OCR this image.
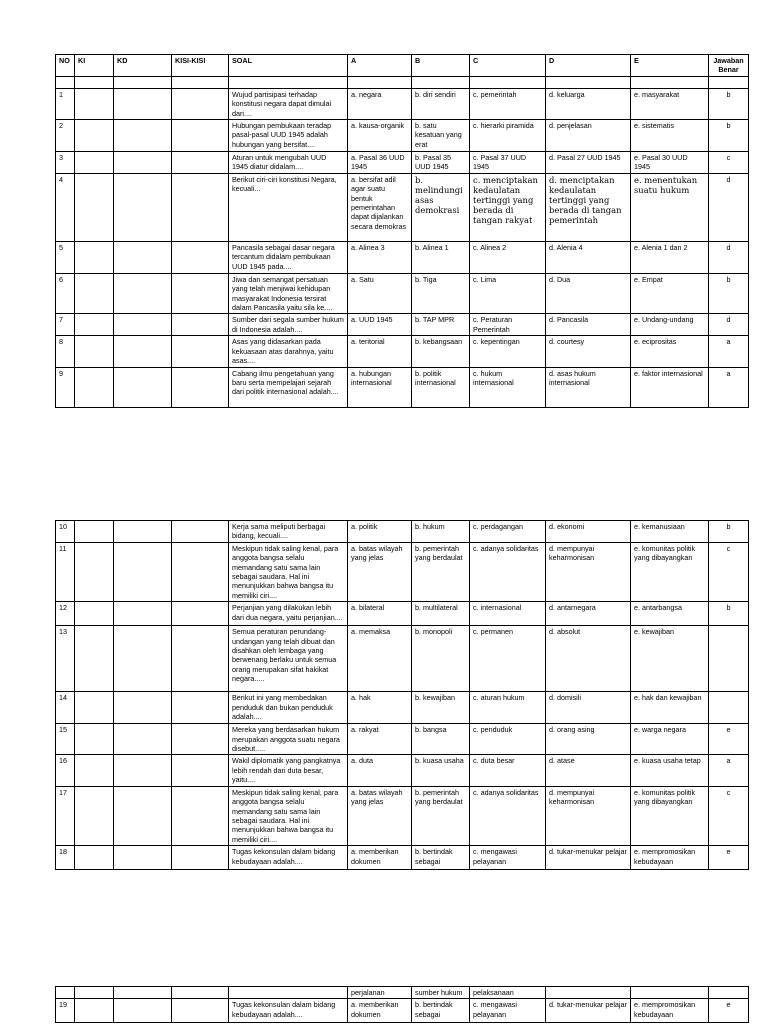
NO	KI	KD	KISI-KISI	SOAL	A	B	C	D	E	Jawaban Benar

1				Wujud partisipasi terhadap konstitusi negara dapat dimulai dari....	a. negara	b. diri sendiri	c. pemerintah	d. keluarga	e. masyarakat	b
2				Hubungan pembukaan teradap pasal-pasal UUD 1945 adalah hubungan yang bersifat....	a. kausa-organik	b. satu kesatuan yang erat	c. hierarki piramida	d. penjelasan	e. sistematis	b
3				Aturan untuk mengubah UUD 1945 diatur didalam....	a. Pasal 36 UUD 1945	b. Pasal 35 UUD 1945	c. Pasal 37 UUD 1945	d. Pasal 27 UUD 1945	e. Pasal 30 UUD 1945	c
4				Berikut ciri-ciri konstitusi Negara, kecuali...	a. bersifat adil agar suatu bentuk pemerintahan dapat dijalankan secara demokras	b. melindungi asas demokrasi	c. menciptakan kedaulatan tertinggi yang berada di tangan rakyat	d. menciptakan kedaulatan tertinggi yang berada di tangan pemerintah	e. menentukan suatu hukum	d
5				Pancasila sebagai dasar negara tercantum didalam pembukaan UUD 1945 pada....	a. Alinea 3	b. Alinea 1	c. Alinea 2	d. Alenia 4	e. Alenia 1 dan 2	d
6				Jiwa dan semangat persatuan yang telah menjiwai kehidupan masyarakat Indonesia tersirat dalam Pancasila yaitu sila ke....	a. Satu	b. Tiga	c. Lima	d. Dua	e. Empat	b
7				Sumber dari segala sumber hukum di Indonesia adalah....	a. UUD 1945	b. TAP MPR	c. Peraturan Pemerintah	d. Pancasila	e. Undang-undang	d
8				Asas yang didasarkan pada kekuasaan atas darahnya, yaitu asas....	a. teritorial	b. kebangsaan	c. kepentingan	d. courtesy	e. eciprositas	a
9				Cabang ilmu pengetahuan yang baru serta mempelajari sejarah dari politik internasional adalah....	a. hubungan internasional	b. politik internasional	c. hukum internasional	d. asas hukum internasional	e. faktor internasional	a
10				Kerja sama meliputi berbagai bidang, kecuali....	a. politik	b. hukum	c. perdagangan	d. ekonomi	e. kemanusiaan	b
11				Meskipun tidak saling kenal, para anggota bangsa selalu memandang satu sama lain sebagai saudara. Hal ini menunjukkan bahwa bangsa itu memiliki ciri....	a. batas wilayah yang jelas	b. pemerintah yang berdaulat	c. adanya solidaritas	d. mempunyai keharmonisan	e. komunitas politik yang dibayangkan	c
12				Perjanjian yang dilakukan lebih dari dua negara, yaitu perjanjian....	a. bilateral	b. multilateral	c. internasional	d. antarnegara	e. antarbangsa	b
13				Semua peraturan perundang-undangan yang telah dibuat dan disahkan oleh lembaga yang berwenang berlaku untuk semua orang merupakan sifat hakikat negara.....	a. memaksa	b. monopoli	c. permanen	d. absolut	e. kewajiban	
14				Berikut ini yang membedakan penduduk dan bukan penduduk adalah....	a. hak	b. kewajiban	c. aturan hukum	d. domisili	e. hak dan kewajiban	
15				Mereka yang berdasarkan hukum merupakan anggota suatu negara disebut.....	a. rakyat	b. bangsa	c. penduduk	d. orang asing	e. warga negara	e
16				Wakil diplomatik yang pangkatnya lebih rendah dari duta besar, yaitu....	a. duta	b. kuasa usaha	c. duta besar	d. atase	e. kuasa usaha tetap	a
17				Meskipun tidak saling kenal, para anggota bangsa selalu memandang satu sama lain sebagai saudara. Hal ini menunjukkan bahwa bangsa itu memiliki ciri....	a. batas wilayah yang jelas	b. pemerintah yang berdaulat	c. adanya solidaritas	d. mempunyai keharmonisan	e. komunitas politik yang dibayangkan	c
18				Tugas kekonsulan dalam bidang kebudayaan adalah....	a. memberikan dokumen	b. bertindak sebagai	c. mengawasi pelayanan	d. tukar-menukar pelajar	e. mempromosikan kebudayaan	e
					perjalanan	sumber hukum	pelaksanaan			
19				Tugas kekonsulan dalam bidang kebudayaan adalah....	a. memberikan dokumen	b. bertindak sebagai	c. mengawasi pelayanan	d. tukar-menukar pelajar	e. mempromosikan kebudayaan	e
